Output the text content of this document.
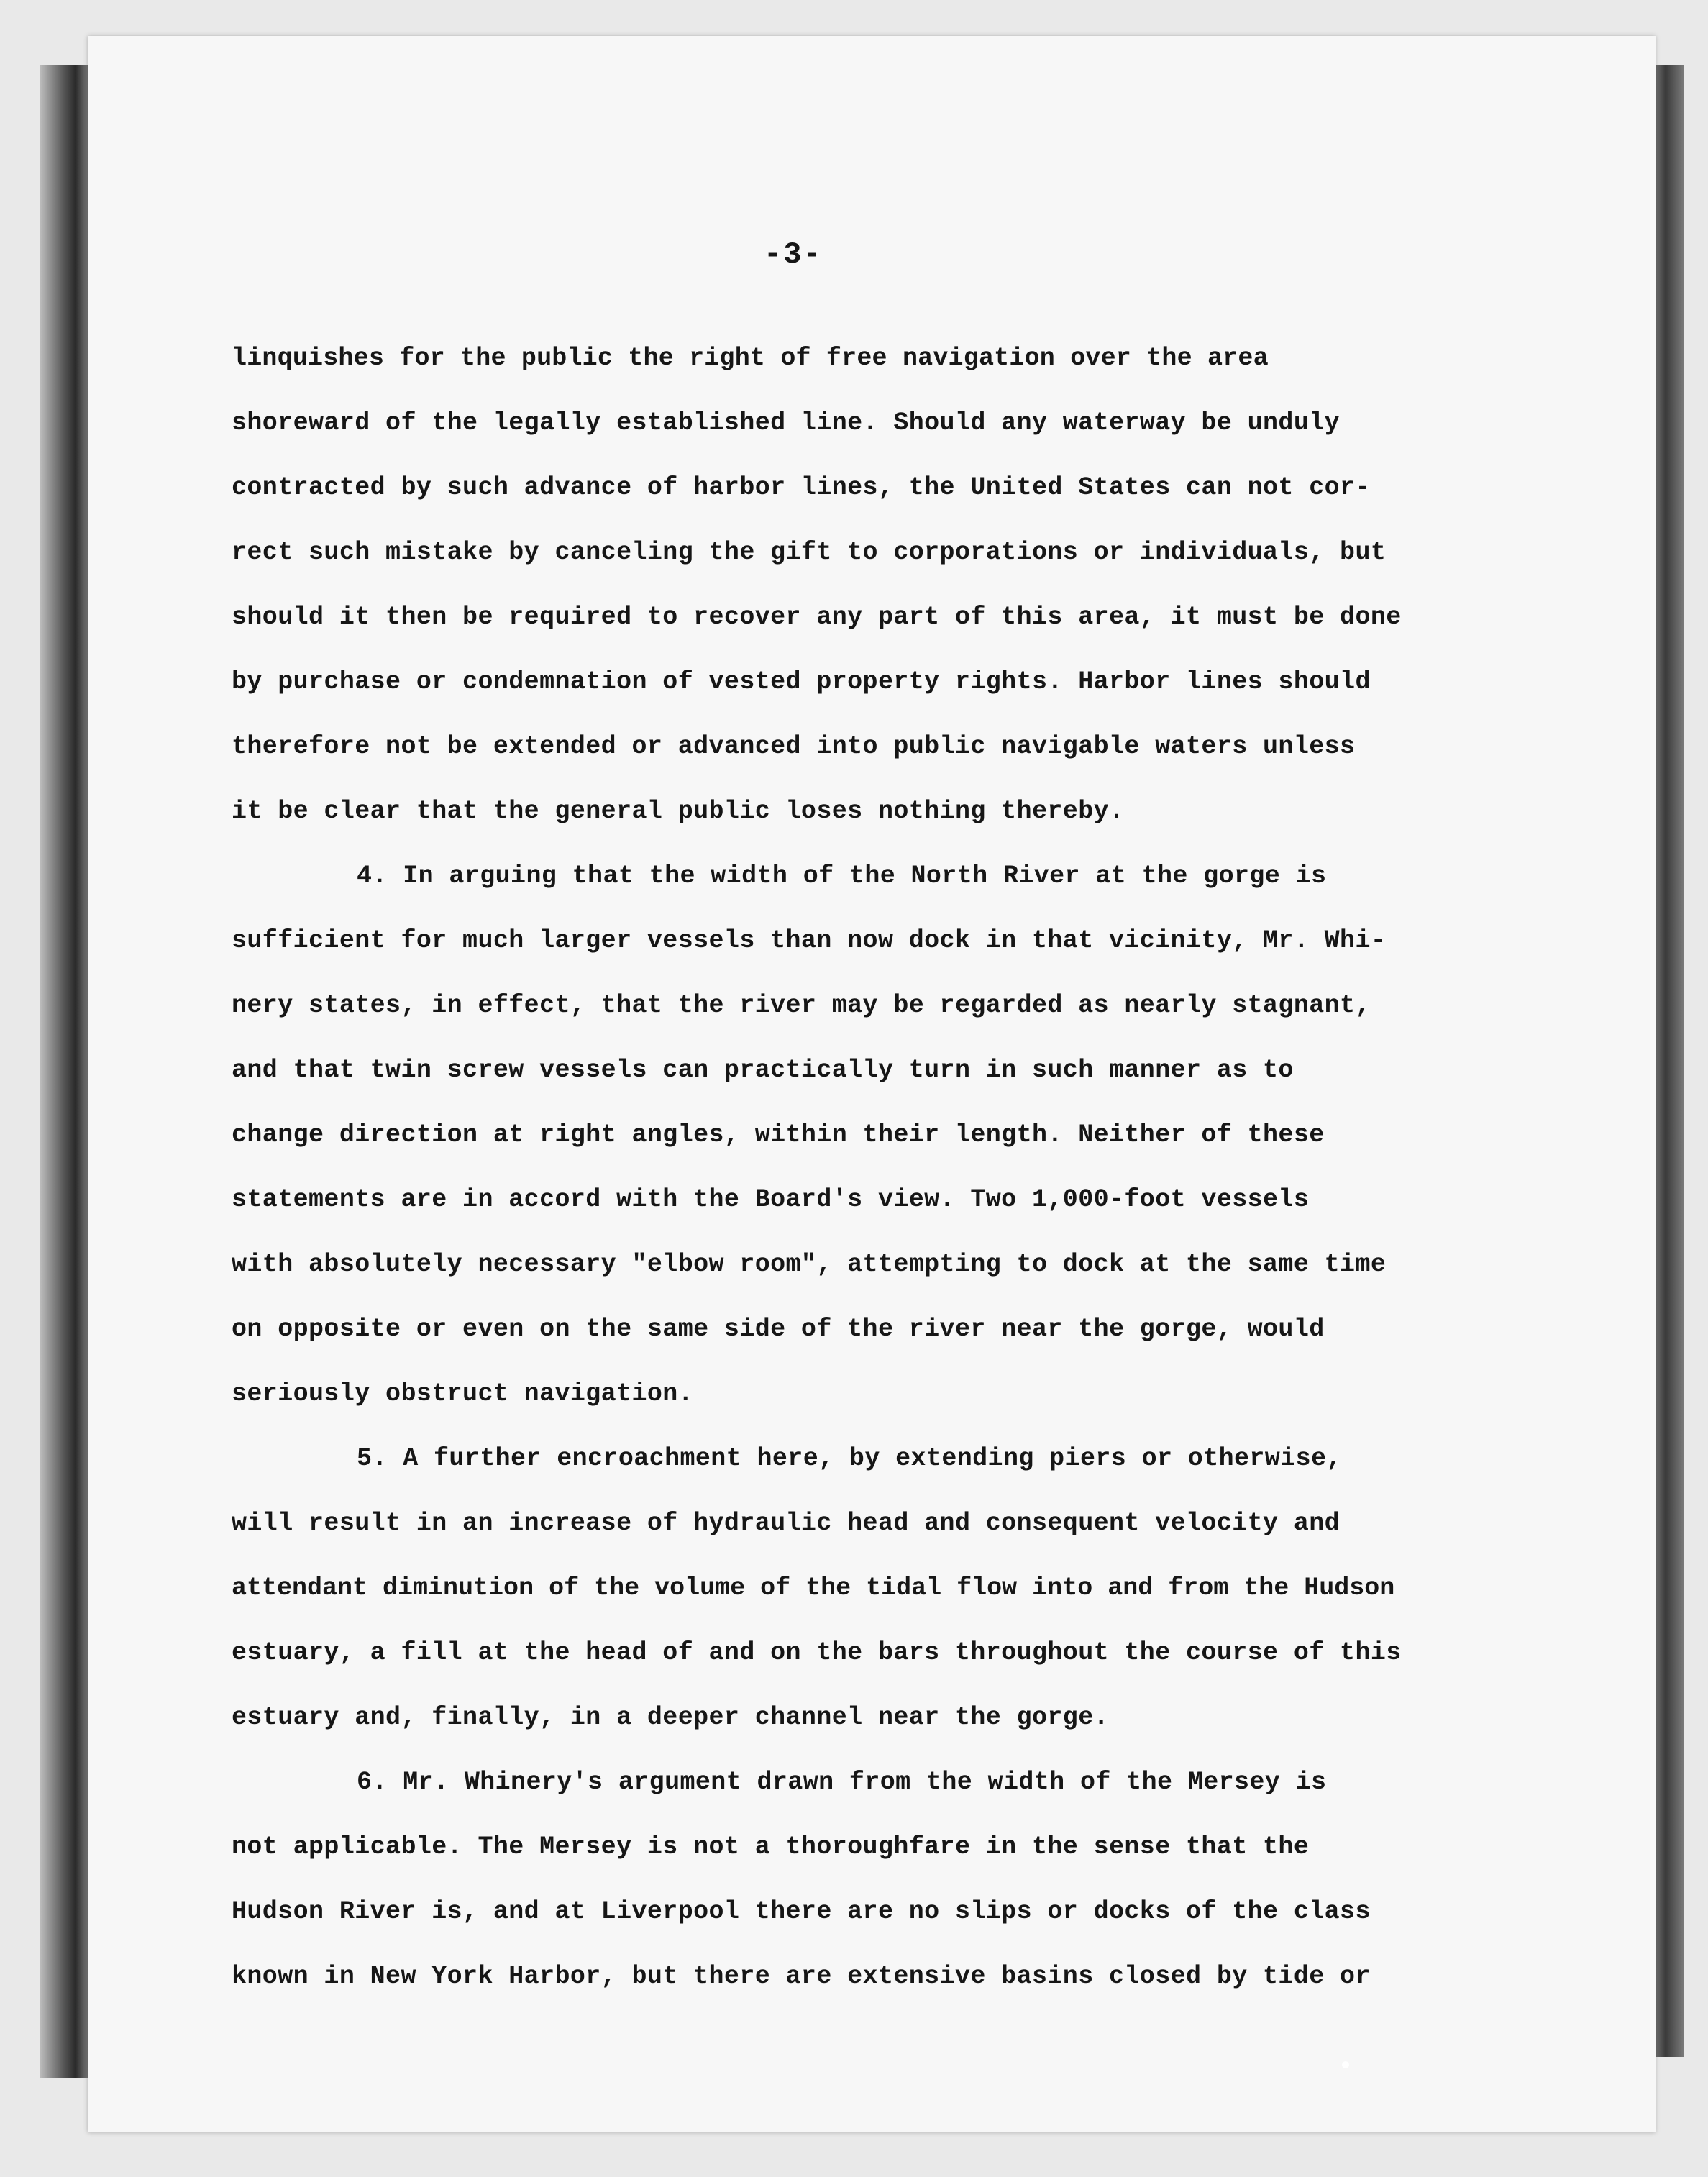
-3-

linquishes for the public the right of free navigation over the area

shoreward of the legally established line. Should any waterway be unduly

contracted by such advance of harbor lines, the United States can not cor-

rect such mistake by canceling the gift to corporations or individuals, but

should it then be required to recover any part of this area, it must be done

by purchase or condemnation of vested property rights. Harbor lines should

therefore not be extended or advanced into public navigable waters unless

it be clear that the general public loses nothing thereby.

4. In arguing that the width of the North River at the gorge is

sufficient for much larger vessels than now dock in that vicinity, Mr. Whi-

nery states, in effect, that the river may be regarded as nearly stagnant,

and that twin screw vessels can practically turn in such manner as to

change direction at right angles, within their length. Neither of these

statements are in accord with the Board's view. Two 1,000-foot vessels

with absolutely necessary "elbow room", attempting to dock at the same time

on opposite or even on the same side of the river near the gorge, would

seriously obstruct navigation.

5. A further encroachment here, by extending piers or otherwise,

will result in an increase of hydraulic head and consequent velocity and

attendant diminution of the volume of the tidal flow into and from the Hudson

estuary, a fill at the head of and on the bars throughout the course of this

estuary and, finally, in a deeper channel near the gorge.

6. Mr. Whinery's argument drawn from the width of the Mersey is

not applicable. The Mersey is not a thoroughfare in the sense that the

Hudson River is, and at Liverpool there are no slips or docks of the class

known in New York Harbor, but there are extensive basins closed by tide or
